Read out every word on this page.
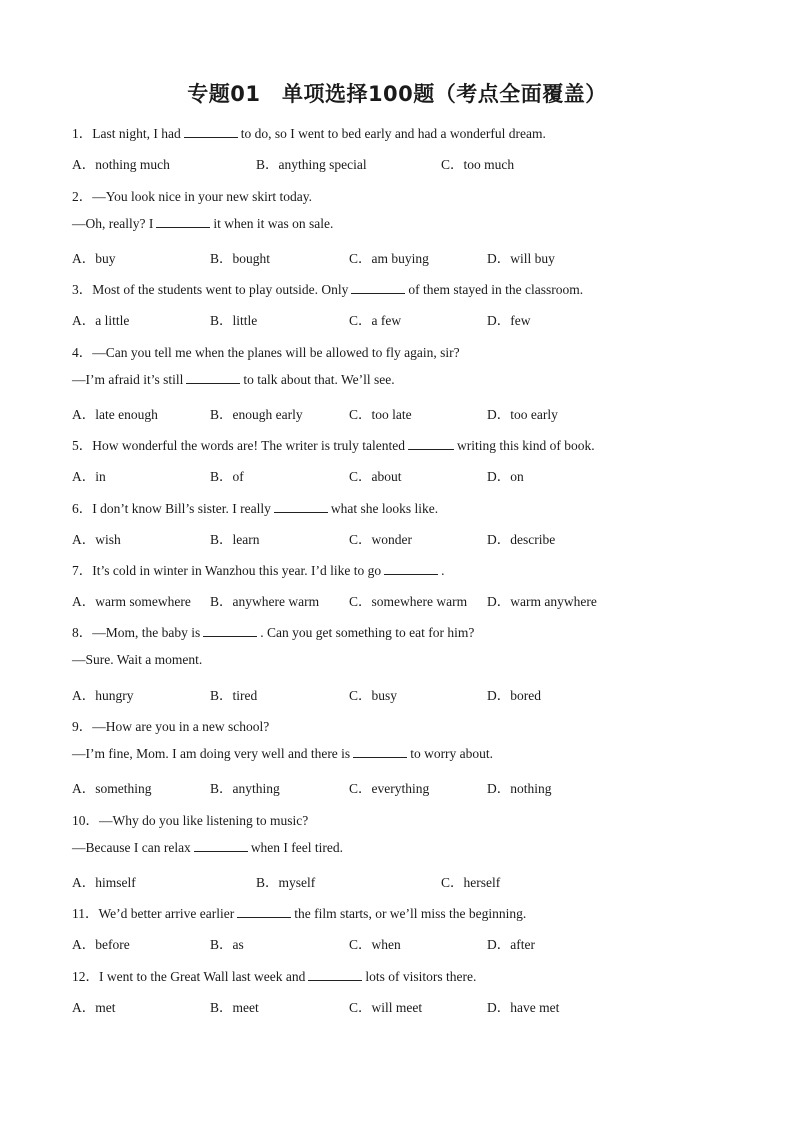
专题01　单项选择100题（考点全面覆盖）
1．Last night, I had	to do, so I went to bed early and had a wonderful dream.
A．nothing much	B．anything special	C．too much
2．—You look nice in your new skirt today.
—Oh, really? I	it when it was on sale.
A．buy	B．bought	C．am buying	D．will buy
3．Most of the students went to play outside. Only	of them stayed in the classroom.
A．a little	B．little	C．a few	D．few
4．—Can you tell me when the planes will be allowed to fly again, sir?
—I’m afraid it’s still	to talk about that. We’ll see.
A．late enough	B．enough early	C．too late	D．too early
5．How wonderful the words are! The writer is truly talented	writing this kind of book.
A．in	B．of	C．about	D．on
6．I don’t know Bill’s sister. I really	what she looks like.
A．wish	B．learn	C．wonder	D．describe
7．It’s cold in winter in Wanzhou this year. I’d like to go	.
A．warm somewhere B．anywhere warm C．somewhere warm D．warm anywhere
8．—Mom, the baby is	. Can you get something to eat for him?
—Sure. Wait a moment.
A．hungry	B．tired	C．busy	D．bored
9．—How are you in a new school?
—I’m fine, Mom. I am doing very well and there is	to worry about.
A．something	B．anything	C．everything	D．nothing
10．—Why do you like listening to music?
—Because I can relax	when I feel tired.
A．himself	B．myself	C．herself
11．We’d better arrive earlier	the film starts, or we’ll miss the beginning.
A．before	B．as	C．when	D．after
12．I went to the Great Wall last week and	lots of visitors there.
A．met	B．meet	C．will meet	D．have met
